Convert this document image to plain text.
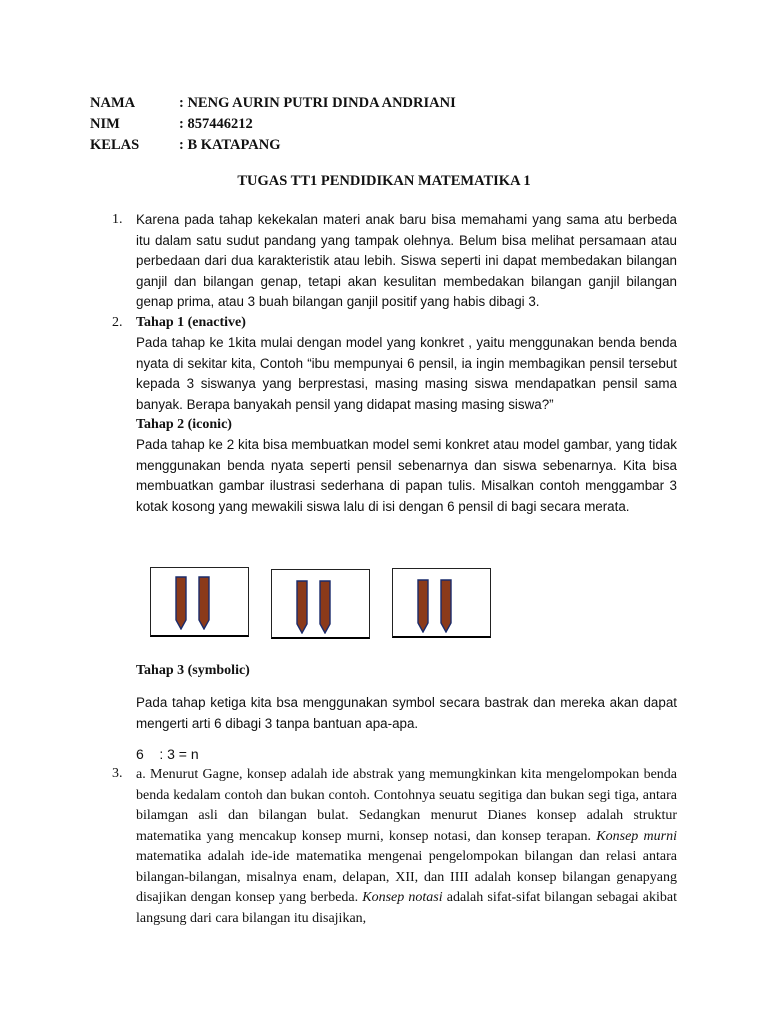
NAMA	: NENG AURIN PUTRI DINDA ANDRIANI
NIM	: 857446212
KELAS	: B KATAPANG
TUGAS TT1 PENDIDIKAN MATEMATIKA 1
1. Karena pada tahap kekekalan materi anak baru bisa memahami yang sama atu berbeda itu dalam satu sudut pandang yang tampak olehnya. Belum bisa melihat persamaan atau perbedaan dari dua karakteristik atau lebih. Siswa seperti ini dapat membedakan bilangan ganjil dan bilangan genap, tetapi akan kesulitan membedakan bilangan ganjil bilangan genap prima, atau 3 buah bilangan ganjil positif yang habis dibagi 3.
2. Tahap 1 (enactive)
Pada tahap ke 1kita mulai dengan model yang konkret , yaitu menggunakan benda benda nyata di sekitar kita, Contoh “ibu mempunyai 6 pensil, ia ingin membagikan pensil tersebut kepada 3 siswanya yang berprestasi, masing masing siswa mendapatkan pensil sama banyak. Berapa banyakah pensil yang didapat masing masing siswa?”
Tahap 2 (iconic)
Pada tahap ke 2 kita bisa membuatkan model semi konkret atau model gambar, yang tidak menggunakan benda nyata seperti pensil sebenarnya dan siswa sebenarnya. Kita bisa membuatkan gambar ilustrasi sederhana di papan tulis. Misalkan contoh menggambar 3 kotak kosong yang mewakili siswa lalu di isi dengan 6 pensil di bagi secara merata.
Tahap 3 (symbolic)
Pada tahap ketiga kita bsa menggunakan symbol secara bastrak dan mereka akan dapat mengerti arti 6 dibagi 3 tanpa bantuan apa-apa.
6    : 3 = n
3. a. Menurut Gagne, konsep adalah ide abstrak yang memungkinkan kita mengelompokan benda benda kedalam contoh dan bukan contoh. Contohnya seuatu segitiga dan bukan segi tiga, antara bilamgan asli dan bilangan bulat. Sedangkan menurut Dianes konsep adalah struktur matematika yang mencakup konsep murni, konsep notasi, dan konsep terapan. Konsep murni matematika adalah ide-ide matematika mengenai pengelompokan bilangan dan relasi antara bilangan-bilangan, misalnya enam, delapan, XII, dan IIII adalah konsep bilangan genapyang disajikan dengan konsep yang berbeda. Konsep notasi adalah sifat-sifat bilangan sebagai akibat langsung dari cara bilangan itu disajikan,
